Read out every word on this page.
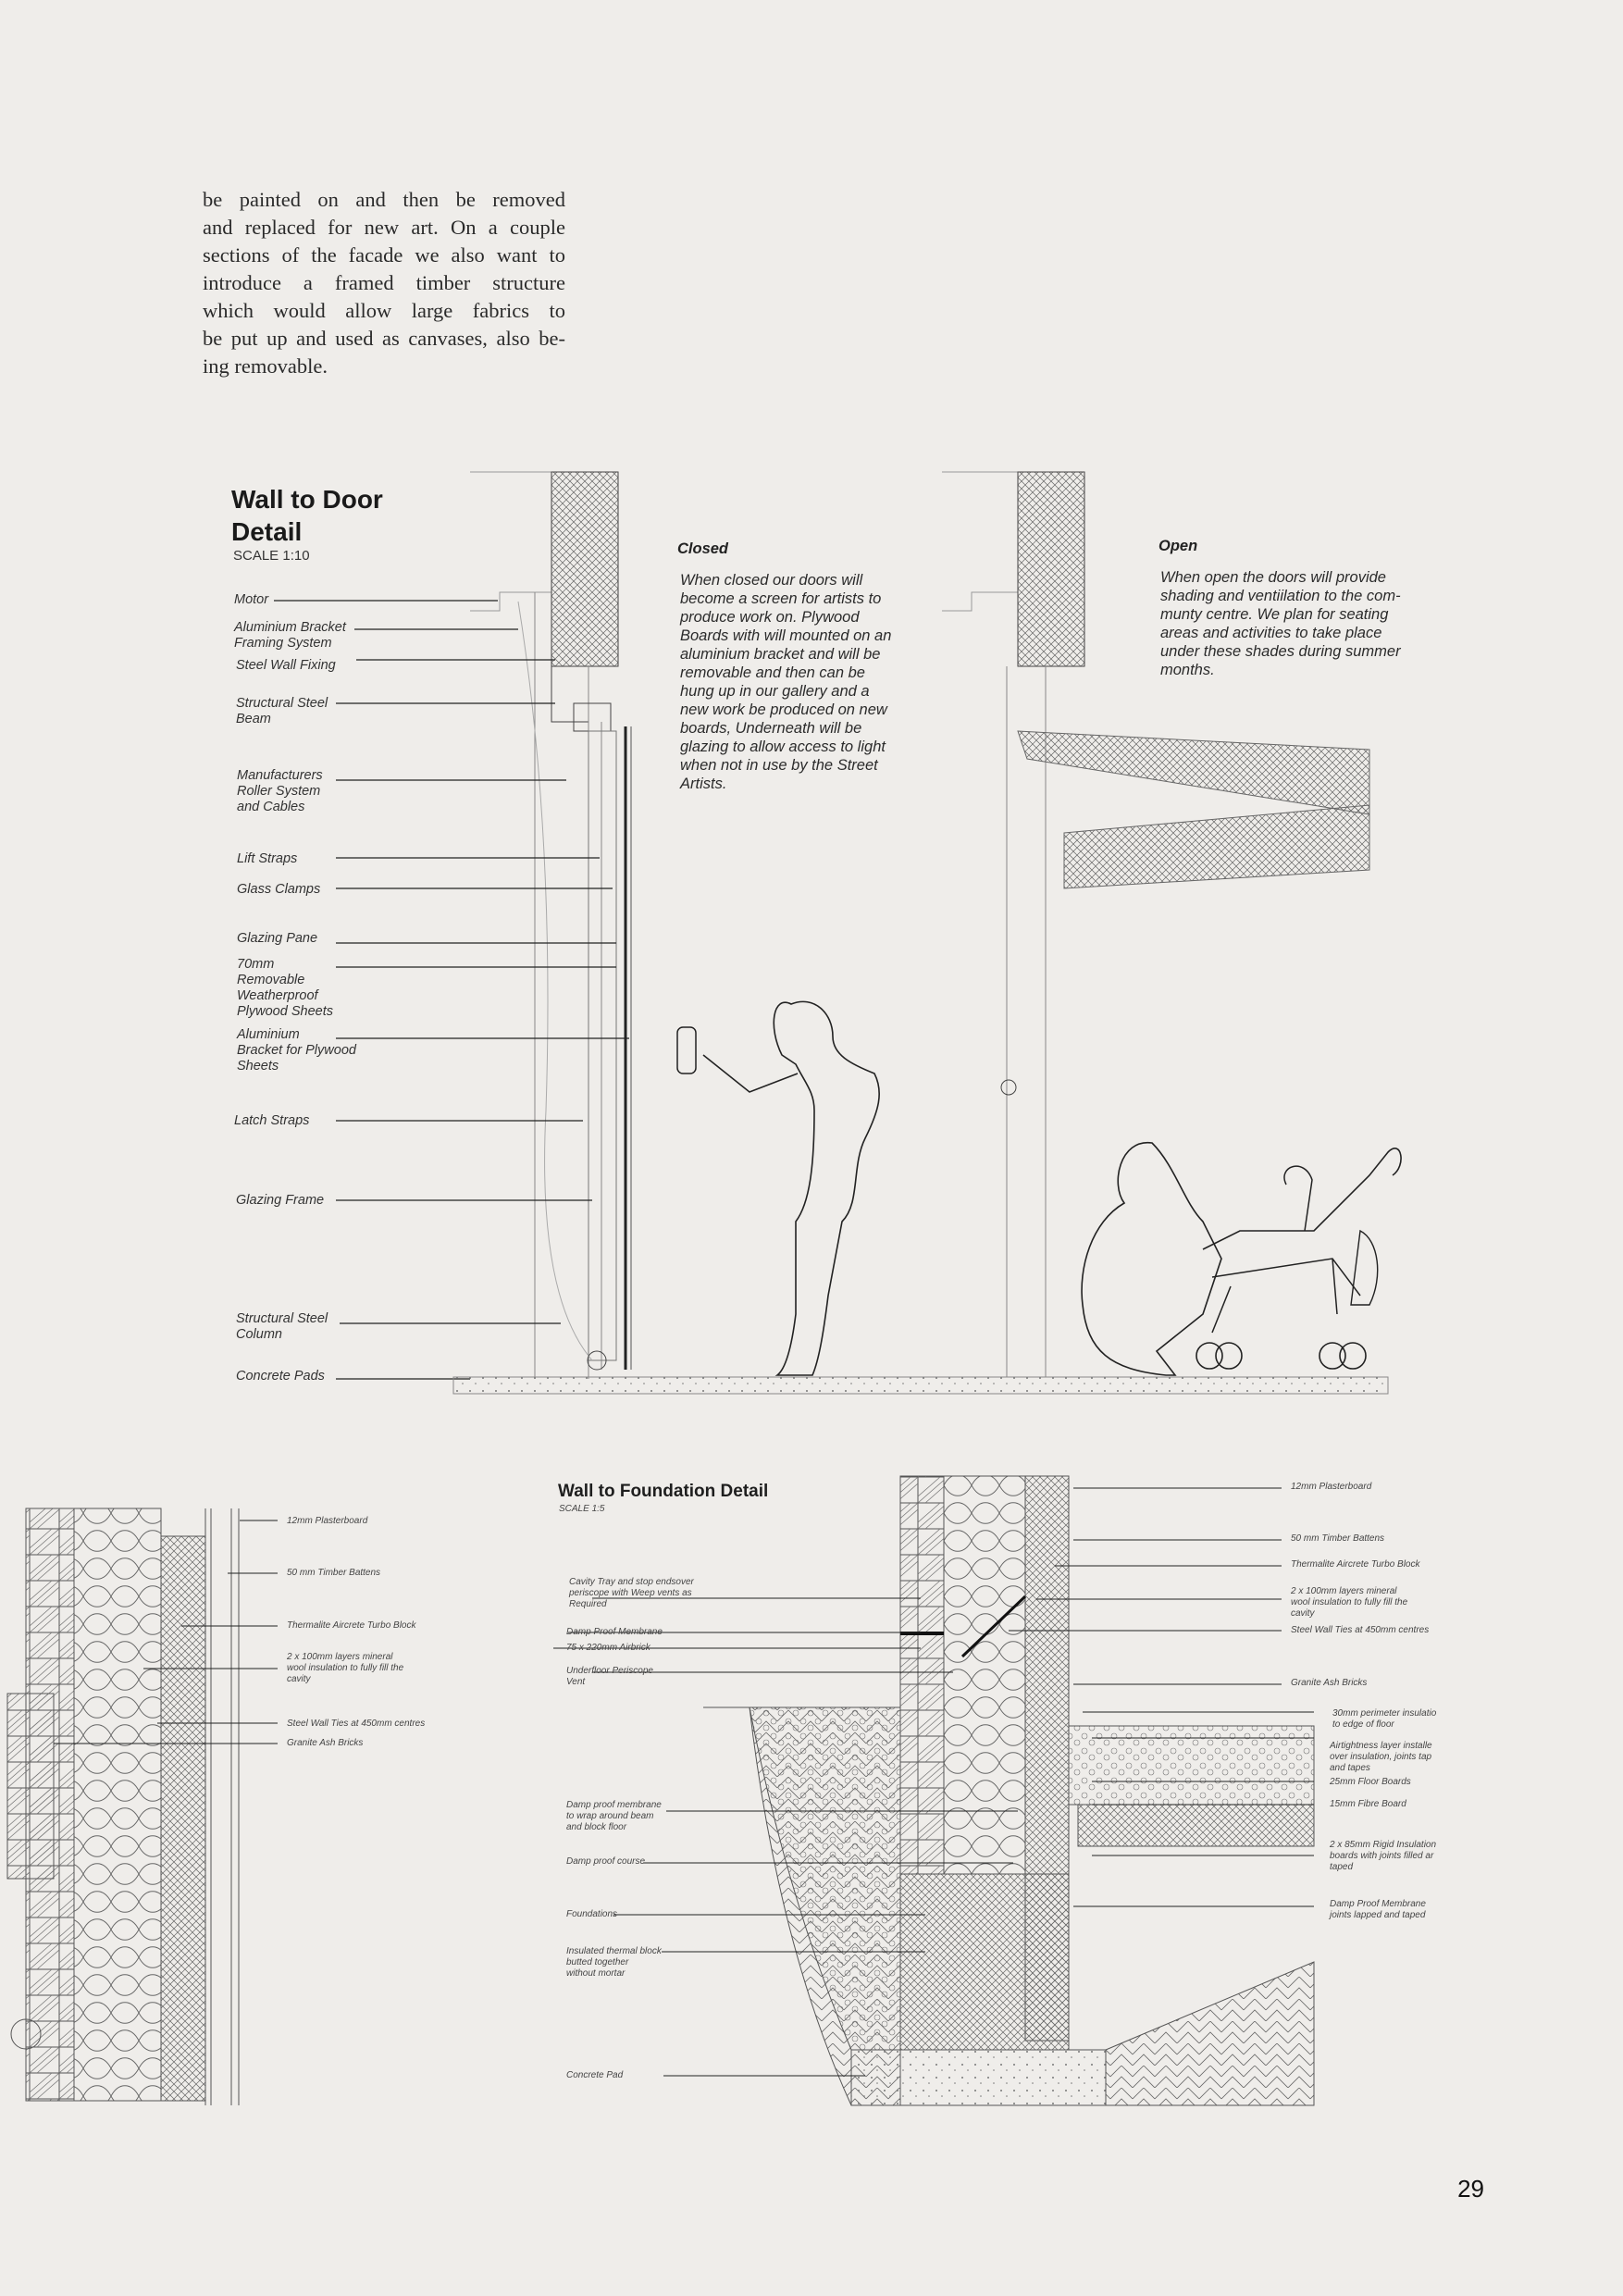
be painted on and then be removed
and replaced for new art. On a couple
sections of the facade we also want to
introduce a framed timber structure
which would allow large fabrics to
be put up and used as canvases, also be-
ing removable.
Wall to Door
Detail
SCALE 1:10
Motor
Aluminium Bracket
Framing System
Steel Wall Fixing
Structural Steel
Beam
Manufacturers
Roller System
and Cables
Lift Straps
Glass Clamps
Glazing Pane
70mm
Removable
Weatherproof
Plywood Sheets
Aluminium
Bracket for Plywood
Sheets
Latch Straps
Glazing Frame
Structural Steel
Column
Concrete Pads
Closed

When closed our doors will
become a screen for artists to
produce work on. Plywood
Boards with will mounted on an
aluminium bracket and will be
removable and then can be
hung up in our gallery and a
new work be produced on new
boards, Underneath will be
glazing to allow access to light
when not in use by the Street
Artists.

Open

When open the doors will provide
shading and ventiilation to the com-
munty centre. We plan for seating
areas and activities to take place
under these shades during summer
months.

12mm Plasterboard
50 mm Timber Battens
Thermalite Aircrete Turbo Block
2 x 100mm layers mineral
wool insulation to fully fill the
cavity
Steel Wall Ties at 450mm centres
Granite Ash Bricks
Wall to Foundation Detail
SCALE 1:5
Cavity Tray and stop endsover
periscope with Weep vents as
Required
Damp Proof Membrane
75 x 220mm Airbrick
Underfloor Periscope
Vent
Damp proof membrane
to wrap around beam
and block floor
Damp proof course
Foundations
Insulated thermal block
butted together
without mortar
Concrete Pad
12mm Plasterboard
50 mm Timber Battens
Thermalite Aircrete Turbo Block
2 x 100mm layers mineral
wool insulation to fully fill the
cavity
Steel Wall Ties at 450mm centres
Granite Ash Bricks
30mm perimeter insulatio
to edge of floor
Airtightness layer installe
over insulation, joints tap
and tapes
25mm Floor Boards
15mm Fibre Board
2 x 85mm Rigid Insulation
boards with joints filled ar
taped
Damp Proof Membrane
joints lapped and taped
29
